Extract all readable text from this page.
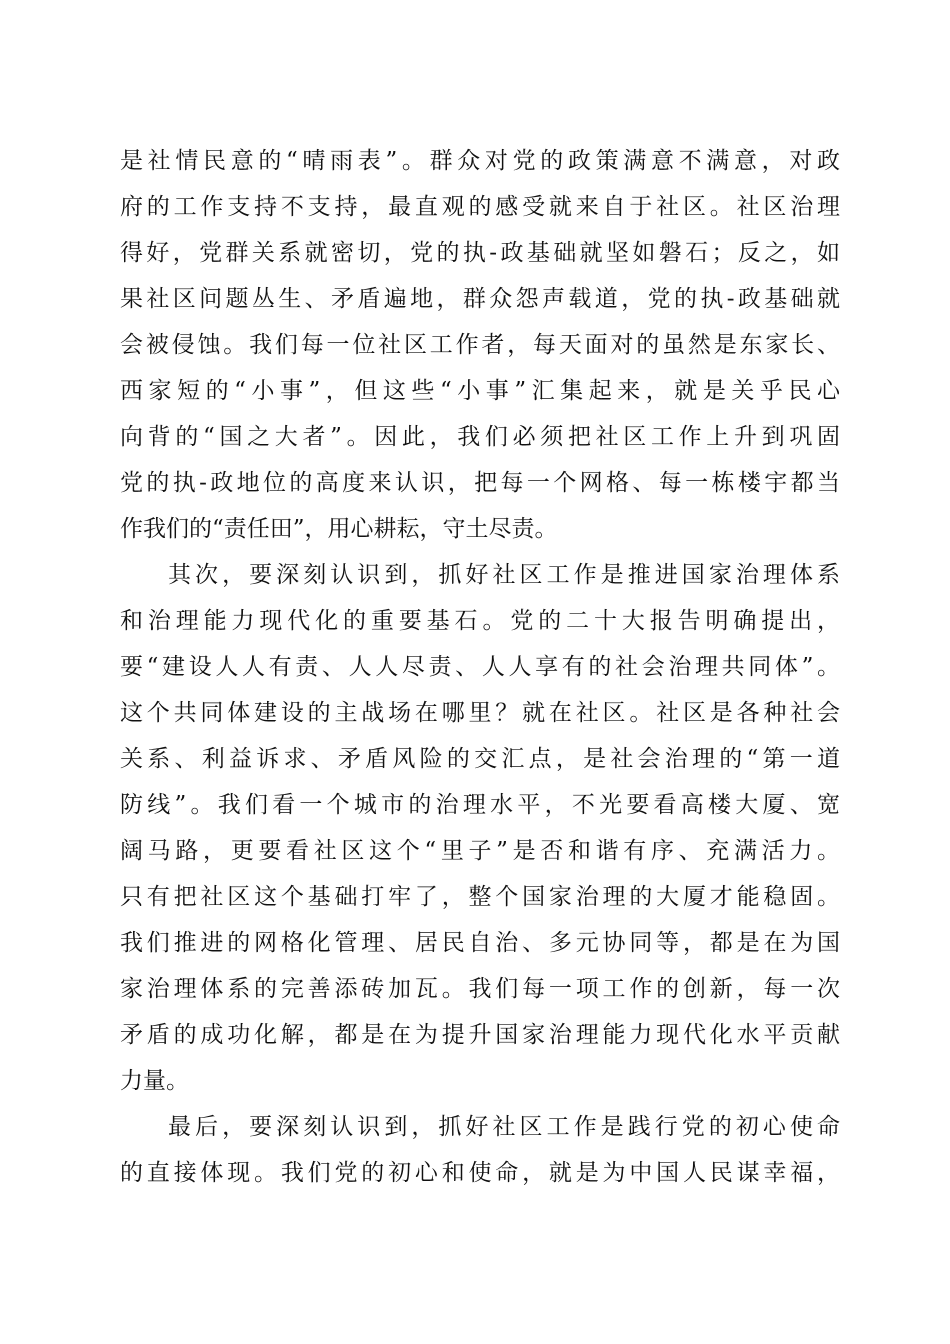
是社情民意的“晴雨表”。群众对党的政策满意不满意，对政
府的工作支持不支持，最直观的感受就来自于社区。社区治理
得好，党群关系就密切，党的执-政基础就坚如磐石；反之，如
果社区问题丛生、矛盾遍地，群众怨声载道，党的执-政基础就
会被侵蚀。我们每一位社区工作者，每天面对的虽然是东家长、
西家短的“小事”，但这些“小事”汇集起来，就是关乎民心
向背的“国之大者”。因此，我们必须把社区工作上升到巩固
党的执-政地位的高度来认识，把每一个网格、每一栋楼宇都当
作我们的“责任田”，用心耕耘，守土尽责。
其次，要深刻认识到，抓好社区工作是推进国家治理体系
和治理能力现代化的重要基石。党的二十大报告明确提出，
要“建设人人有责、人人尽责、人人享有的社会治理共同体”。
这个共同体建设的主战场在哪里？就在社区。社区是各种社会
关系、利益诉求、矛盾风险的交汇点，是社会治理的“第一道
防线”。我们看一个城市的治理水平，不光要看高楼大厦、宽
阔马路，更要看社区这个“里子”是否和谐有序、充满活力。
只有把社区这个基础打牢了，整个国家治理的大厦才能稳固。
我们推进的网格化管理、居民自治、多元协同等，都是在为国
家治理体系的完善添砖加瓦。我们每一项工作的创新，每一次
矛盾的成功化解，都是在为提升国家治理能力现代化水平贡献
力量。
最后，要深刻认识到，抓好社区工作是践行党的初心使命
的直接体现。我们党的初心和使命，就是为中国人民谋幸福，
